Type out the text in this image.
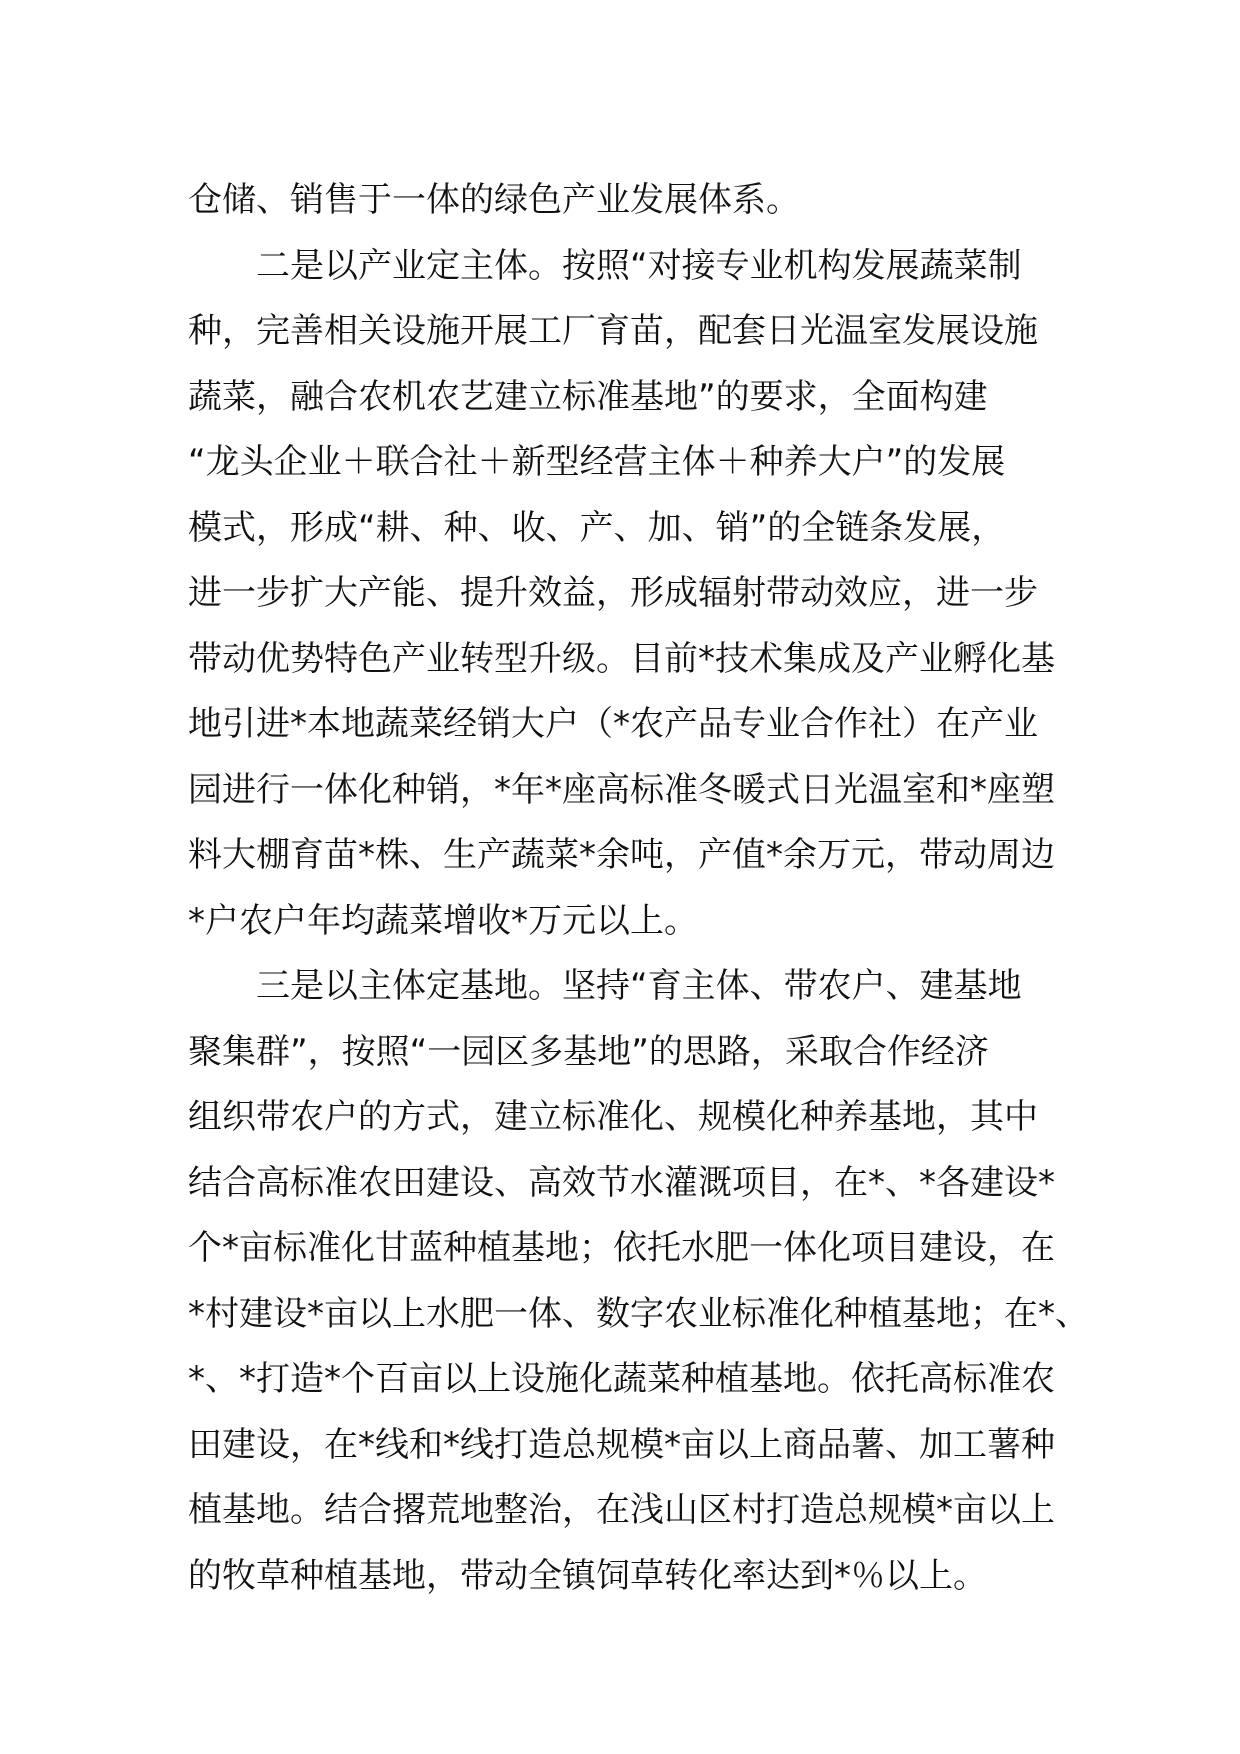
仓储、销售于一体的绿色产业发展体系。
　　二是以产业定主体。按照“对接专业机构发展蔬菜制
种，完善相关设施开展工厂育苗，配套日光温室发展设施
蔬菜，融合农机农艺建立标准基地”的要求，全面构建
“龙头企业＋联合社＋新型经营主体＋种养大户”的发展
模式，形成“耕、种、收、产、加、销”的全链条发展，
进一步扩大产能、提升效益，形成辐射带动效应，进一步
带动优势特色产业转型升级。目前*技术集成及产业孵化基
地引进*本地蔬菜经销大户（*农产品专业合作社）在产业
园进行一体化种销，*年*座高标准冬暖式日光温室和*座塑
料大棚育苗*株、生产蔬菜*余吨，产值*余万元，带动周边
*户农户年均蔬菜增收*万元以上。
　　三是以主体定基地。坚持“育主体、带农户、建基地
聚集群”，按照“一园区多基地”的思路，采取合作经济
组织带农户的方式，建立标准化、规模化种养基地，其中
结合高标准农田建设、高效节水灌溉项目，在*、*各建设*
个*亩标准化甘蓝种植基地；依托水肥一体化项目建设，在
*村建设*亩以上水肥一体、数字农业标准化种植基地；在*、
*、*打造*个百亩以上设施化蔬菜种植基地。依托高标准农
田建设，在*线和*线打造总规模*亩以上商品薯、加工薯种
植基地。结合撂荒地整治，在浅山区村打造总规模*亩以上
的牧草种植基地，带动全镇饲草转化率达到*％以上。
